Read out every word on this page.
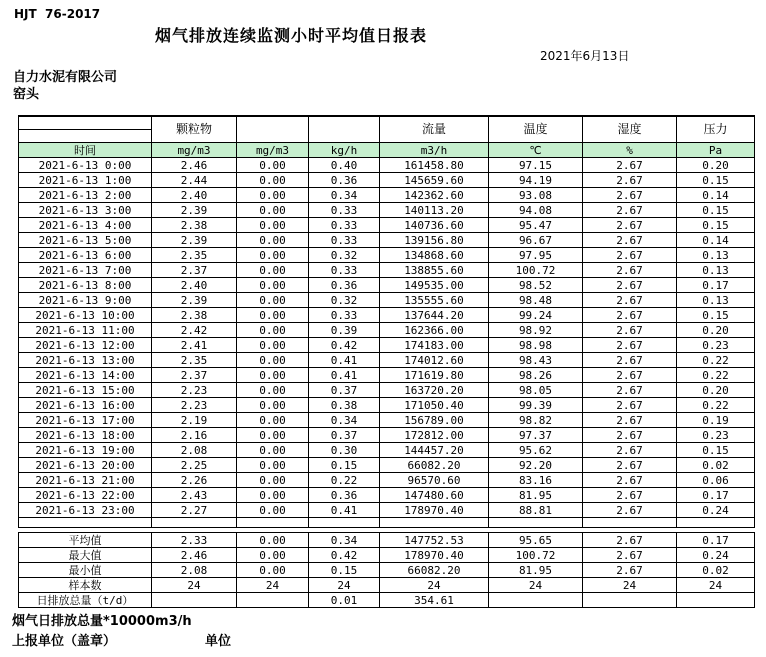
HJT  76-2017
烟气排放连续监测小时平均值日报表
2021年6月13日
自力水泥有限公司
窑头
	颗粒物			流量	温度	湿度	压力
时间	mg/m3	mg/m3	kg/h	m3/h	℃	%	Pa
2021-6-13 0:00	2.46	0.00	0.40	161458.80	97.15	2.67	0.20
2021-6-13 1:00	2.44	0.00	0.36	145659.60	94.19	2.67	0.15
2021-6-13 2:00	2.40	0.00	0.34	142362.60	93.08	2.67	0.14
2021-6-13 3:00	2.39	0.00	0.33	140113.20	94.08	2.67	0.15
2021-6-13 4:00	2.38	0.00	0.33	140736.60	95.47	2.67	0.15
2021-6-13 5:00	2.39	0.00	0.33	139156.80	96.67	2.67	0.14
2021-6-13 6:00	2.35	0.00	0.32	134868.60	97.95	2.67	0.13
2021-6-13 7:00	2.37	0.00	0.33	138855.60	100.72	2.67	0.13
2021-6-13 8:00	2.40	0.00	0.36	149535.00	98.52	2.67	0.17
2021-6-13 9:00	2.39	0.00	0.32	135555.60	98.48	2.67	0.13
2021-6-13 10:00	2.38	0.00	0.33	137644.20	99.24	2.67	0.15
2021-6-13 11:00	2.42	0.00	0.39	162366.00	98.92	2.67	0.20
2021-6-13 12:00	2.41	0.00	0.42	174183.00	98.98	2.67	0.23
2021-6-13 13:00	2.35	0.00	0.41	174012.60	98.43	2.67	0.22
2021-6-13 14:00	2.37	0.00	0.41	171619.80	98.26	2.67	0.22
2021-6-13 15:00	2.23	0.00	0.37	163720.20	98.05	2.67	0.20
2021-6-13 16:00	2.23	0.00	0.38	171050.40	99.39	2.67	0.22
2021-6-13 17:00	2.19	0.00	0.34	156789.00	98.82	2.67	0.19
2021-6-13 18:00	2.16	0.00	0.37	172812.00	97.37	2.67	0.23
2021-6-13 19:00	2.08	0.00	0.30	144457.20	95.62	2.67	0.15
2021-6-13 20:00	2.25	0.00	0.15	66082.20	92.20	2.67	0.02
2021-6-13 21:00	2.26	0.00	0.22	96570.60	83.16	2.67	0.06
2021-6-13 22:00	2.43	0.00	0.36	147480.60	81.95	2.67	0.17
2021-6-13 23:00	2.27	0.00	0.41	178970.40	88.81	2.67	0.24

平均值	2.33	0.00	0.34	147752.53	95.65	2.67	0.17
最大值	2.46	0.00	0.42	178970.40	100.72	2.67	0.24
最小值	2.08	0.00	0.15	66082.20	81.95	2.67	0.02
样本数	24	24	24	24	24	24	24
日排放总量（t/d）			0.01	354.61			
烟气日排放总量*10000m3/h
上报单位（盖章）	单位
